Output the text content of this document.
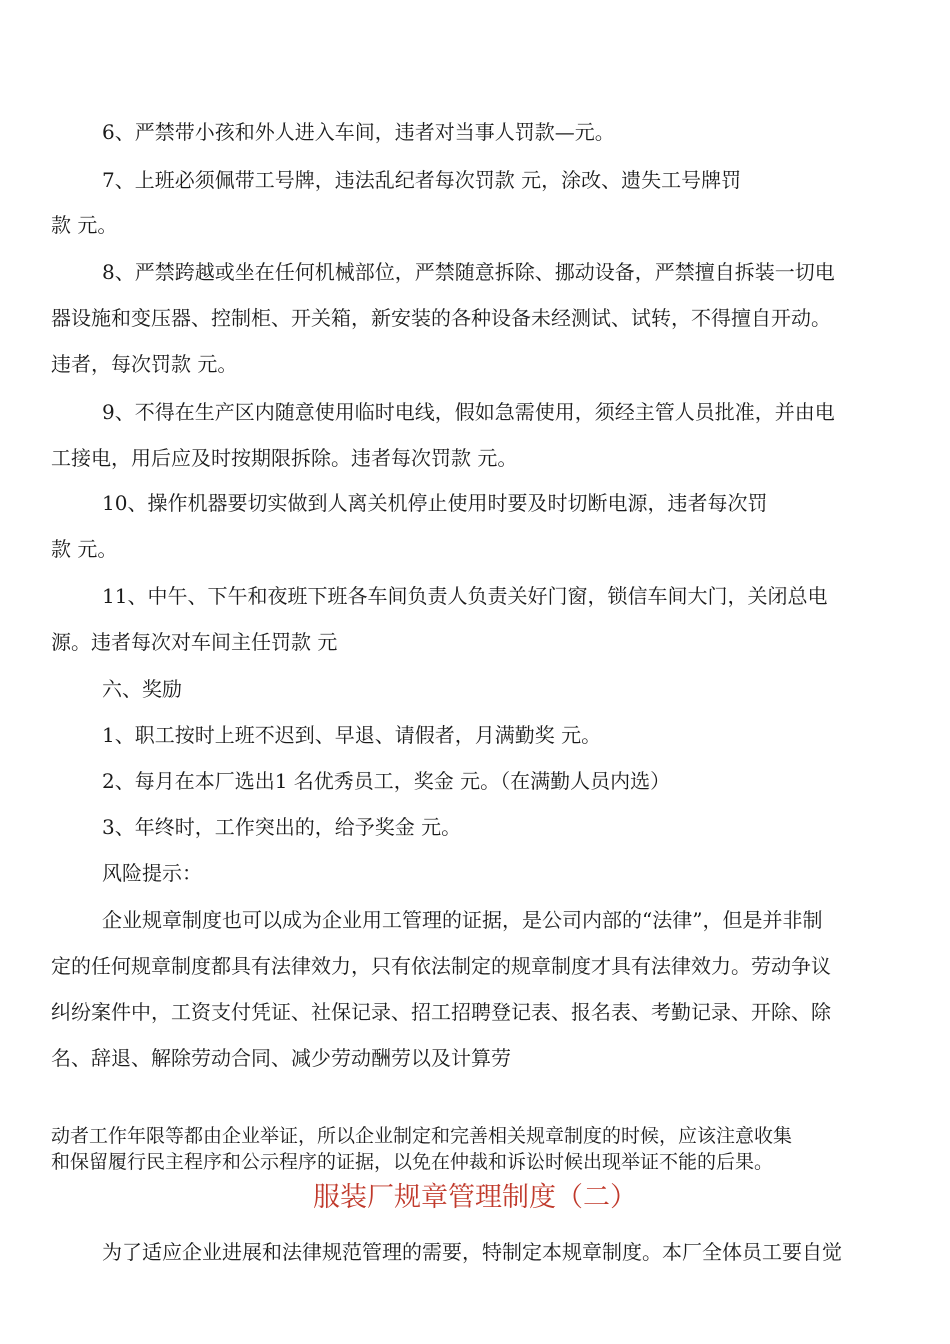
6、严禁带小孩和外人进入车间，违者对当事人罚款—元。
7、上班必须佩带工号牌，违法乱纪者每次罚款 元，涂改、遗失工号牌罚
款 元。
8、严禁跨越或坐在任何机械部位，严禁随意拆除、挪动设备，严禁擅自拆装一切电
器设施和变压器、控制柜、开关箱，新安装的各种设备未经测试、试转，不得擅自开动。
违者，每次罚款 元。
9、不得在生产区内随意使用临时电线，假如急需使用，须经主管人员批准，并由电
工接电，用后应及时按期限拆除。违者每次罚款 元。
10、操作机器要切实做到人离关机停止使用时要及时切断电源，违者每次罚
款 元。
11、中午、下午和夜班下班各车间负责人负责关好门窗，锁信车间大门，关闭总电
源。违者每次对车间主任罚款 元
六、奖励
1、职工按时上班不迟到、早退、请假者，月满勤奖 元。
2、每月在本厂选出1 名优秀员工，奖金 元。（在满勤人员内选）
3、年终时，工作突出的，给予奖金 元。
风险提示：
企业规章制度也可以成为企业用工管理的证据，是公司内部的“法律”，但是并非制
定的任何规章制度都具有法律效力，只有依法制定的规章制度才具有法律效力。劳动争议
纠纷案件中，工资支付凭证、社保记录、招工招聘登记表、报名表、考勤记录、开除、除
名、辞退、解除劳动合同、减少劳动酬劳以及计算劳
动者工作年限等都由企业举证，所以企业制定和完善相关规章制度的时候，应该注意收集
和保留履行民主程序和公示程序的证据，以免在仲裁和诉讼时候出现举证不能的后果。
服装厂规章管理制度（二）
为了适应企业进展和法律规范管理的需要，特制定本规章制度。本厂全体员工要自觉
